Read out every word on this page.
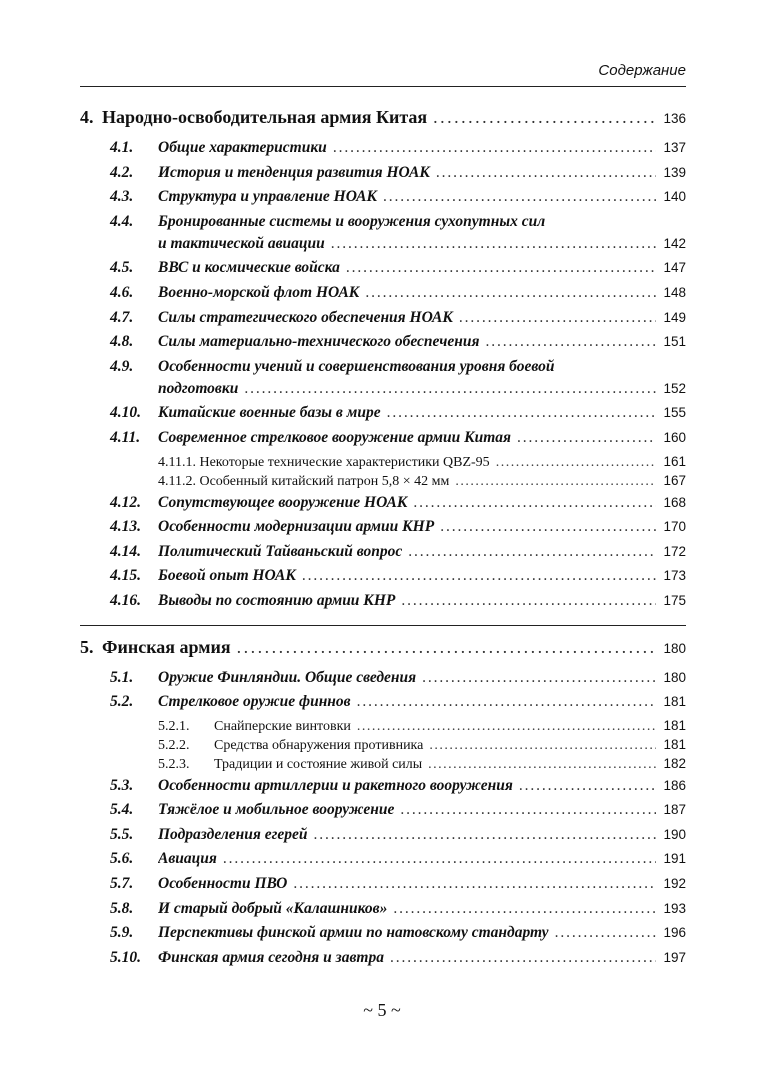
Содержание
4. Народно-освободительная армия Китая . . .	136
4.1.	Общие характеристики . . .	137
4.2.	История и тенденция развития НОАК . . .	139
4.3.	Структура и управление НОАК . . .	140
4.4.	Бронированные системы и вооружения сухопутных сил
и тактической авиации . . .	142
4.5.	ВВС и космические войска . . .	147
4.6.	Военно-морской флот НОАК . . .	148
4.7.	Силы стратегического обеспечения НОАК . . .	149
4.8.	Силы материально-технического обеспечения . . .	151
4.9.	Особенности учений и совершенствования уровня боевой
подготовки . . .	152
4.10.	Китайские военные базы в мире . . .	155
4.11.	Современное стрелковое вооружение армии Китая . . .	160
4.11.1. Некоторые технические характеристики QBZ-95 . . .	161
4.11.2. Особенный китайский патрон 5,8 × 42 мм . . .	167
4.12.	Сопутствующее вооружение НОАК . . .	168
4.13.	Особенности модернизации армии КНР . . .	170
4.14.	Политический Тайваньский вопрос . . .	172
4.15.	Боевой опыт НОАК . . .	173
4.16.	Выводы по состоянию армии КНР . . .	175
5. Финская армия . . .	180
5.1.	Оружие Финляндии. Общие сведения . . .	180
5.2.	Стрелковое оружие финнов . . .	181
5.2.1.	Снайперские винтовки . . .	181
5.2.2.	Средства обнаружения противника . . .	181
5.2.3.	Традиции и состояние живой силы . . .	182
5.3.	Особенности артиллерии и ракетного вооружения . . .	186
5.4.	Тяжёлое и мобильное вооружение . . .	187
5.5.	Подразделения егерей . . .	190
5.6.	Авиация . . .	191
5.7.	Особенности ПВО . . .	192
5.8.	И старый добрый «Калашников» . . .	193
5.9.	Перспективы финской армии по натовскому стандарту . . .	196
5.10.	Финская армия сегодня и завтра . . .	197
~ 5 ~
